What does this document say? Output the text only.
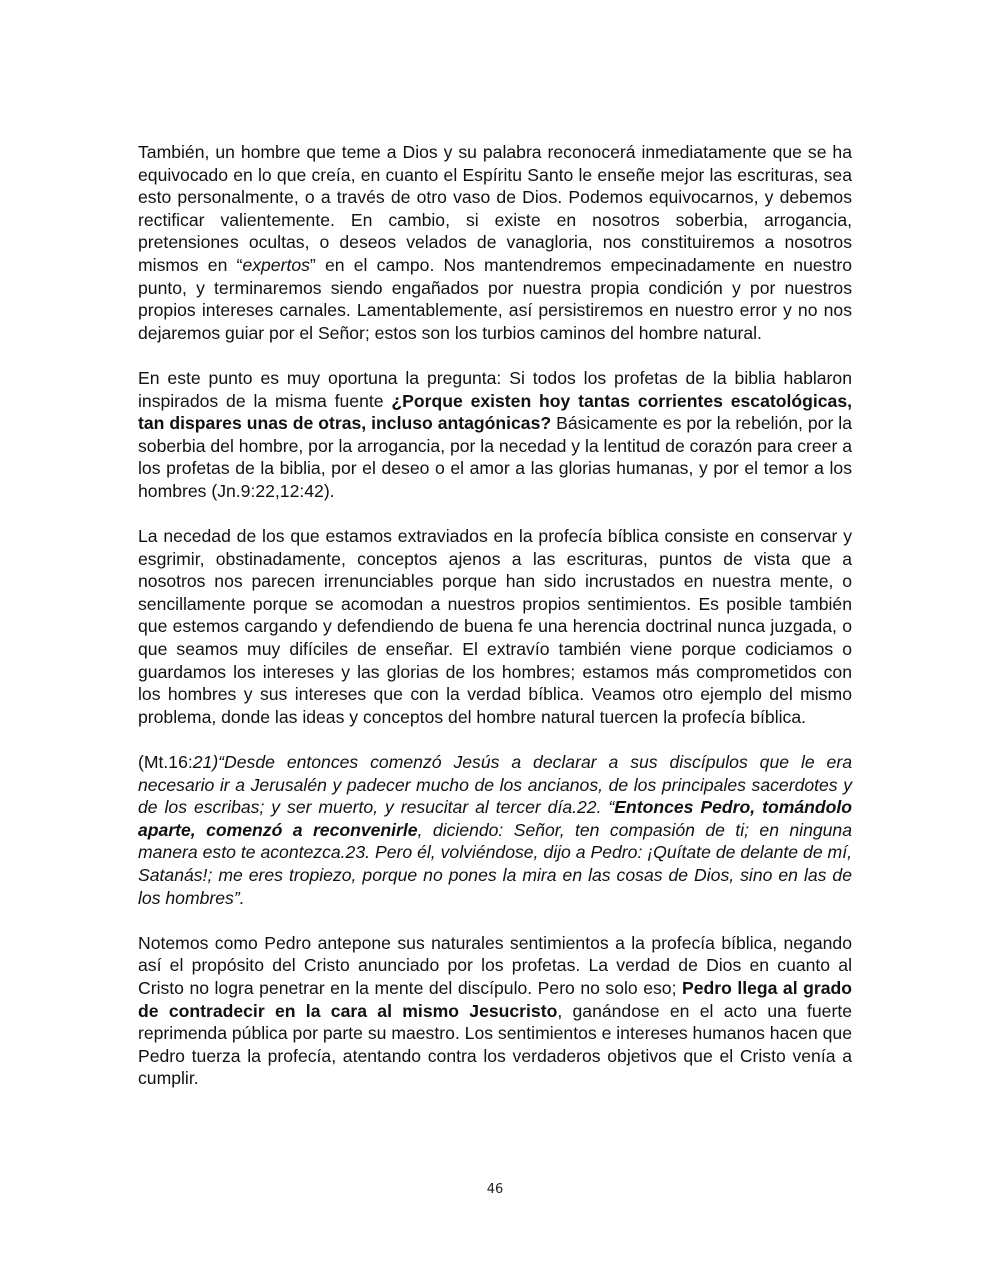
También, un hombre que teme a Dios y su palabra reconocerá inmediatamente que se ha equivocado en lo que creía, en cuanto el Espíritu Santo le enseñe mejor las escrituras, sea esto personalmente, o a través de otro vaso de Dios. Podemos equivocarnos, y debemos rectificar valientemente. En cambio, si existe en nosotros soberbia, arrogancia, pretensiones ocultas, o deseos velados de vanagloria, nos constituiremos a nosotros mismos en “expertos” en el campo. Nos mantendremos empecinadamente en nuestro punto, y terminaremos siendo engañados por nuestra propia condición y por nuestros propios intereses carnales. Lamentablemente, así persistiremos en nuestro error y no nos dejaremos guiar por el Señor; estos son los turbios caminos del hombre natural.

En este punto es muy oportuna la pregunta: Si todos los profetas de la biblia hablaron inspirados de la misma fuente ¿Porque existen hoy tantas corrientes escatológicas, tan dispares unas de otras, incluso antagónicas? Básicamente es por la rebelión, por la soberbia del hombre, por la arrogancia, por la necedad y la lentitud de corazón para creer a los profetas de la biblia, por el deseo o el amor a las glorias humanas, y por el temor a los hombres (Jn.9:22,12:42).

La necedad de los que estamos extraviados en la profecía bíblica consiste en conservar y esgrimir, obstinadamente, conceptos ajenos a las escrituras, puntos de vista que a nosotros nos parecen irrenunciables porque han sido incrustados en nuestra mente, o sencillamente porque se acomodan a nuestros propios sentimientos. Es posible también que estemos cargando y defendiendo de buena fe una herencia doctrinal nunca juzgada, o que seamos muy difíciles de enseñar. El extravío también viene porque codiciamos o guardamos los intereses y las glorias de los hombres; estamos más comprometidos con los hombres y sus intereses que con la verdad bíblica. Veamos otro ejemplo del mismo problema, donde las ideas y conceptos del hombre natural tuercen la profecía bíblica.

(Mt.16:21)“Desde entonces comenzó Jesús a declarar a sus discípulos que le era necesario ir a Jerusalén y padecer mucho de los ancianos, de los principales sacerdotes y de los escribas; y ser muerto, y resucitar al tercer día.22. “Entonces Pedro, tomándolo aparte, comenzó a reconvenirle, diciendo: Señor, ten compasión de ti; en ninguna manera esto te acontezca.23. Pero él, volviéndose, dijo a Pedro: ¡Quítate de delante de mí, Satanás!; me eres tropiezo, porque no pones la mira en las cosas de Dios, sino en las de los hombres”.

Notemos como Pedro antepone sus naturales sentimientos a la profecía bíblica, negando así el propósito del Cristo anunciado por los profetas. La verdad de Dios en cuanto al Cristo no logra penetrar en la mente del discípulo. Pero no solo eso; Pedro llega al grado de contradecir en la cara al mismo Jesucristo, ganándose en el acto una fuerte reprimenda pública por parte su maestro. Los sentimientos e intereses humanos hacen que Pedro tuerza la profecía, atentando contra los verdaderos objetivos que el Cristo venía a cumplir.

46
